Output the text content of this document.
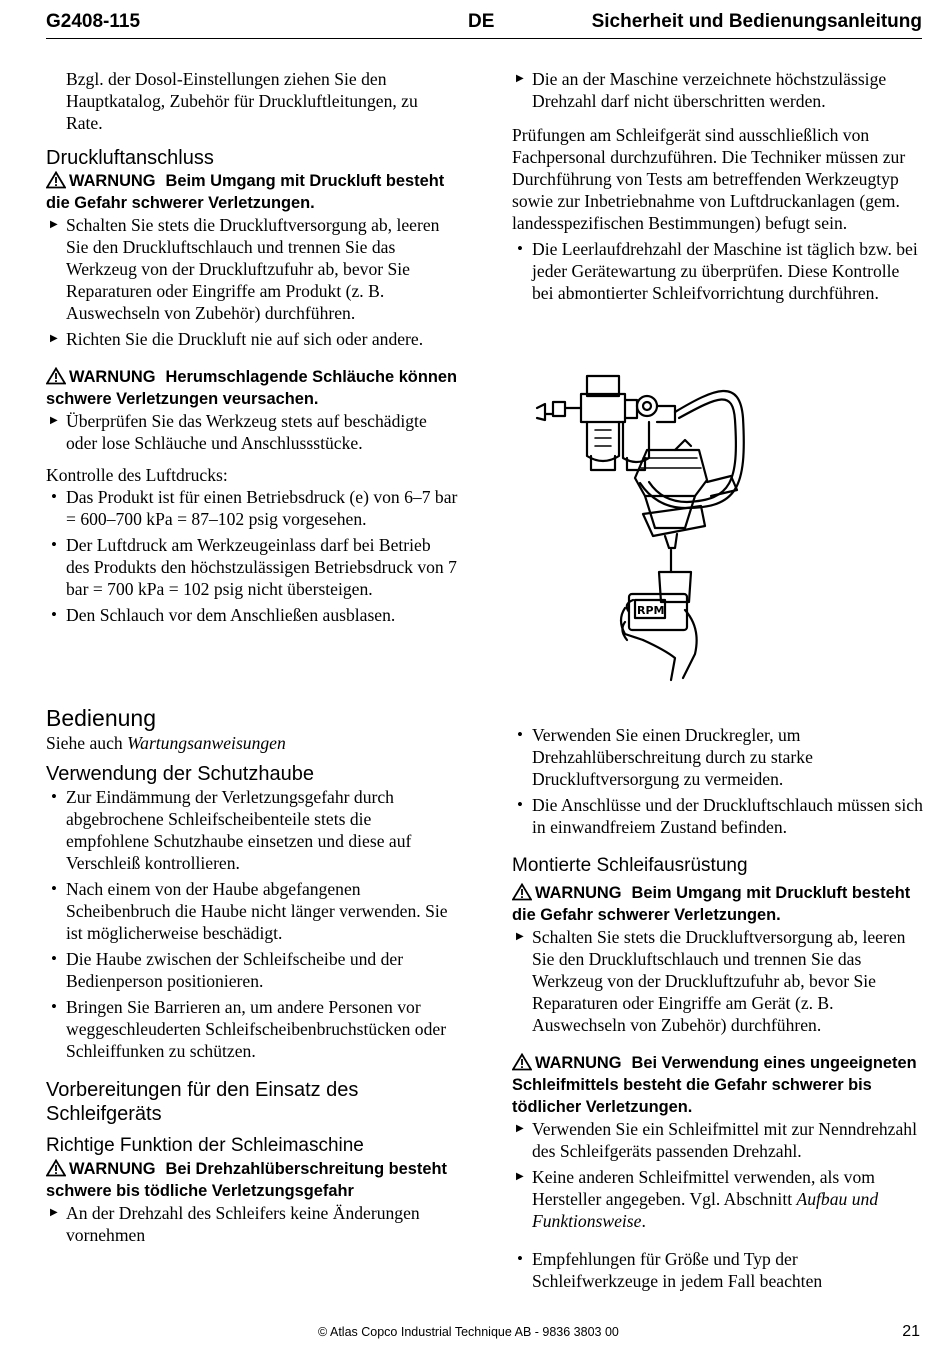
G2408-115	DE	Sicherheit und Bedienungsanleitung

Bzgl. der Dosol-Einstellungen ziehen Sie den Hauptkatalog, Zubehör für Druckluftleitungen, zu Rate.

Druckluftanschluss
WARNUNG Beim Umgang mit Druckluft besteht die Gefahr schwerer Verletzungen.
▶ Schalten Sie stets die Druckluftversorgung ab, leeren Sie den Druckluftschlauch und trennen Sie das Werkzeug von der Druckluftzufuhr ab, bevor Sie Reparaturen oder Eingriffe am Produkt (z. B. Auswechseln von Zubehör) durchführen.
▶ Richten Sie die Druckluft nie auf sich oder andere.
WARNUNG Herumschlagende Schläuche können schwere Verletzungen veursachen.
▶ Überprüfen Sie das Werkzeug stets auf beschädigte oder lose Schläuche und Anschlussstücke.

Kontrolle des Luftdrucks:

• Das Produkt ist für einen Betriebsdruck (e) von 6–7 bar = 600–700 kPa = 87–102 psig vorgesehen.
• Der Luftdruck am Werkzeugeinlass darf bei Betrieb des Produkts den höchstzulässigen Betriebsdruck von 7 bar = 700 kPa = 102 psig nicht übersteigen.
• Den Schlauch vor dem Anschließen ausblasen.
▶ Die an der Maschine verzeichnete höchstzulässige Drehzahl darf nicht überschritten werden.

Prüfungen am Schleifgerät sind ausschließlich von Fachpersonal durchzuführen. Die Techniker müssen zur Durchführung von Tests am betreffenden Werkzeugtyp sowie zur Inbetriebnahme von Luftdruckanlagen (gem. landesspezifischen Bestimmungen) befugt sein.

• Die Leerlaufdrehzahl der Maschine ist täglich bzw. bei jeder Gerätewartung zu überprüfen. Diese Kontrolle bei abmontierter Schleifvorrichtung durchführen.
RPM
Bedienung

Siehe auch Wartungsanweisungen

Verwendung der Schutzhaube
• Zur Eindämmung der Verletzungsgefahr durch abgebrochene Schleifscheibenteile stets die empfohlene Schutzhaube einsetzen und diese auf Verschleiß kontrollieren.
• Nach einem von der Haube abgefangenen Scheibenbruch die Haube nicht länger verwenden. Sie ist möglicherweise beschädigt.
• Die Haube zwischen der Schleifscheibe und der Bedienperson positionieren.
• Bringen Sie Barrieren an, um andere Personen vor weggeschleuderten Schleifscheibenbruchstücken oder Schleiffunken zu schützen.
Vorbereitungen für den Einsatz des Schleifgeräts
Richtige Funktion der Schleimaschine
WARNUNG Bei Drehzahlüberschreitung besteht schwere bis tödliche Verletzungsgefahr
▶ An der Drehzahl des Schleifers keine Änderungen vornehmen
• Verwenden Sie einen Druckregler, um Drehzahlüberschreitung durch zu starke Druckluftversorgung zu vermeiden.
• Die Anschlüsse und der Druckluftschlauch müssen sich in einwandfreiem Zustand befinden.
Montierte Schleifausrüstung
WARNUNG Beim Umgang mit Druckluft besteht die Gefahr schwerer Verletzungen.
▶ Schalten Sie stets die Druckluftversorgung ab, leeren Sie den Druckluftschlauch und trennen Sie das Werkzeug von der Druckluftzufuhr ab, bevor Sie Reparaturen oder Eingriffe am Gerät (z. B. Auswechseln von Zubehör) durchführen.
WARNUNG Bei Verwendung eines ungeeigneten Schleifmittels besteht die Gefahr schwerer bis tödlicher Verletzungen.
▶ Verwenden Sie ein Schleifmittel mit zur Nenndrehzahl des Schleifgeräts passenden Drehzahl.
▶ Keine anderen Schleifmittel verwenden, als vom Hersteller angegeben. Vgl. Abschnitt Aufbau und Funktionsweise.
• Empfehlungen für Größe und Typ der Schleifwerkzeuge in jedem Fall beachten
© Atlas Copco Industrial Technique AB - 9836 3803 00	21
